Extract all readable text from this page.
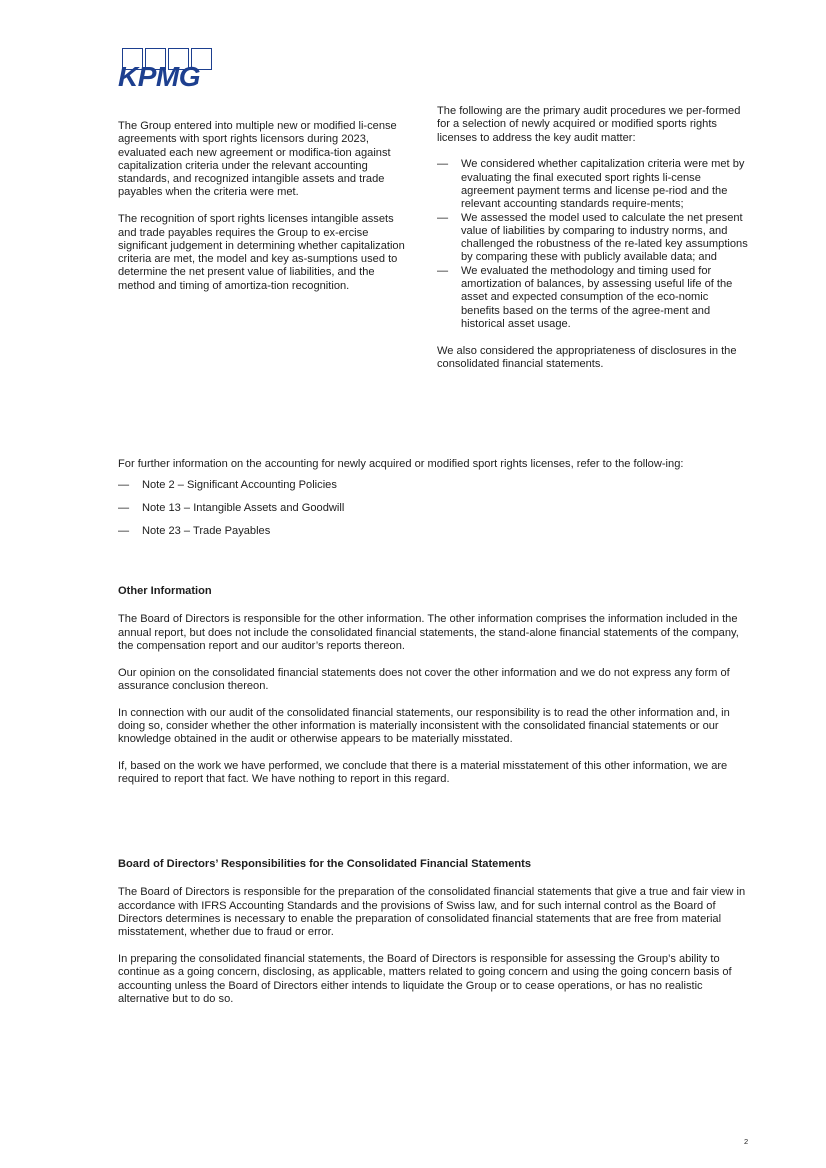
KPMG

The Group entered into multiple new or modified li-cense agreements with sport rights licensors during 2023, evaluated each new agreement or modifica-tion against capitalization criteria under the relevant accounting standards, and recognized intangible assets and trade payables when the criteria were met.

The recognition of sport rights licenses intangible assets and trade payables requires the Group to ex-ercise significant judgement in determining whether capitalization criteria are met, the model and key as-sumptions used to determine the net present value of liabilities, and the method and timing of amortiza-tion recognition.

The following are the primary audit procedures we per-formed for a selection of newly acquired or modified sports rights licenses to address the key audit matter:

— We considered whether capitalization criteria were met by evaluating the final executed sport rights li-cense agreement payment terms and license pe-riod and the relevant accounting standards require-ments;
— We assessed the model used to calculate the net present value of liabilities by comparing to industry norms, and challenged the robustness of the re-lated key assumptions by comparing these with publicly available data; and
— We evaluated the methodology and timing used for amortization of balances, by assessing useful life of the asset and expected consumption of the eco-nomic benefits based on the terms of the agree-ment and historical asset usage.

We also considered the appropriateness of disclosures in the consolidated financial statements.

For further information on the accounting for newly acquired or modified sport rights licenses, refer to the follow-ing:

— Note 2 – Significant Accounting Policies
— Note 13 – Intangible Assets and Goodwill
— Note 23 – Trade Payables
Other Information

The Board of Directors is responsible for the other information. The other information comprises the information included in the annual report, but does not include the consolidated financial statements, the stand-alone financial statements of the company, the compensation report and our auditor’s reports thereon.

Our opinion on the consolidated financial statements does not cover the other information and we do not express any form of assurance conclusion thereon.

In connection with our audit of the consolidated financial statements, our responsibility is to read the other information and, in doing so, consider whether the other information is materially inconsistent with the consolidated financial statements or our knowledge obtained in the audit or otherwise appears to be materially misstated.

If, based on the work we have performed, we conclude that there is a material misstatement of this other information, we are required to report that fact. We have nothing to report in this regard.

Board of Directors’ Responsibilities for the Consolidated Financial Statements

The Board of Directors is responsible for the preparation of the consolidated financial statements that give a true and fair view in accordance with IFRS Accounting Standards and the provisions of Swiss law, and for such internal control as the Board of Directors determines is necessary to enable the preparation of consolidated financial statements that are free from material misstatement, whether due to fraud or error.

In preparing the consolidated financial statements, the Board of Directors is responsible for assessing the Group’s ability to continue as a going concern, disclosing, as applicable, matters related to going concern and using the going concern basis of accounting unless the Board of Directors either intends to liquidate the Group or to cease operations, or has no realistic alternative but to do so.

2
